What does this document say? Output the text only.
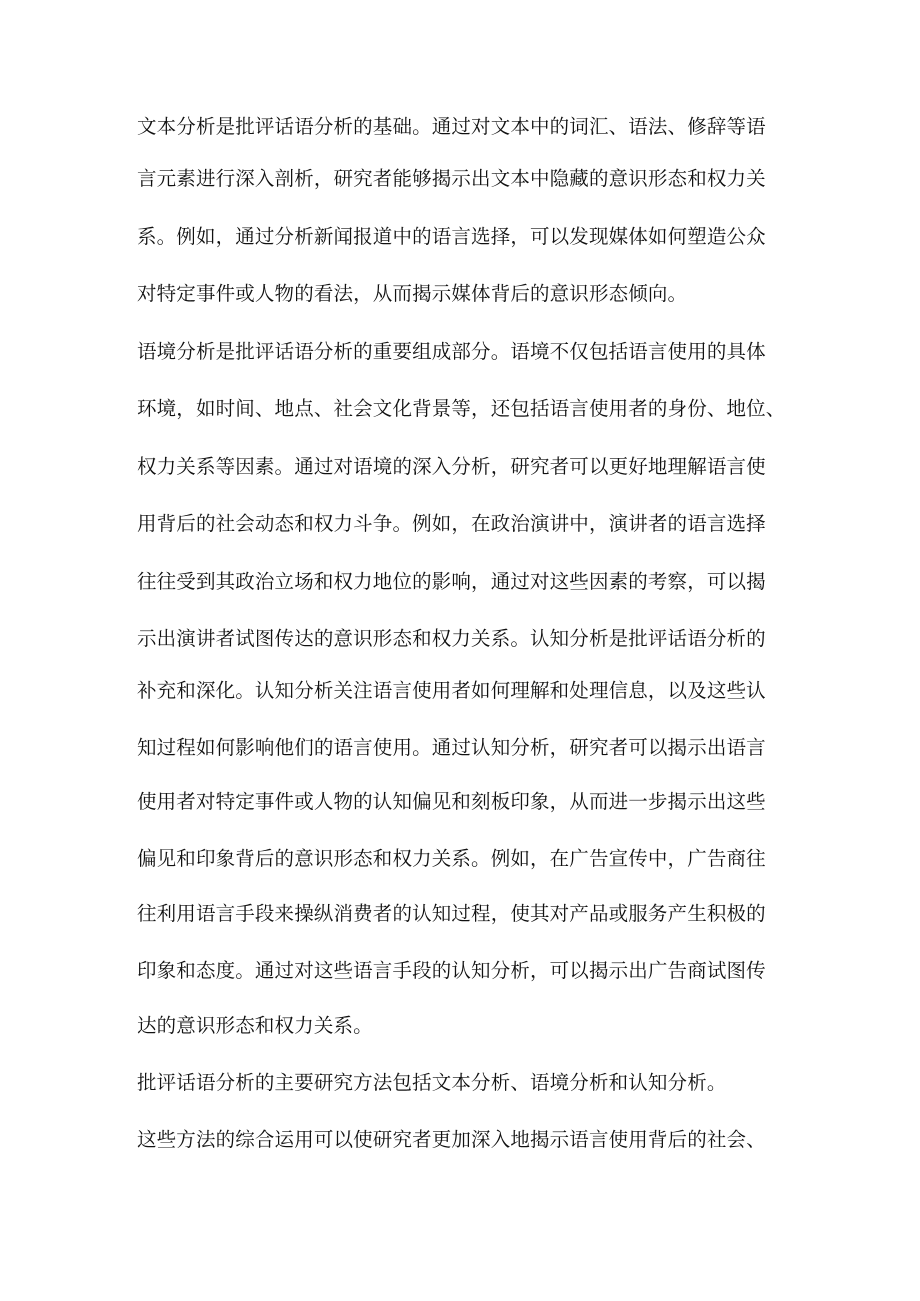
文本分析是批评话语分析的基础。通过对文本中的词汇、语法、修辞等语
言元素进行深入剖析，研究者能够揭示出文本中隐藏的意识形态和权力关
系。例如，通过分析新闻报道中的语言选择，可以发现媒体如何塑造公众
对特定事件或人物的看法，从而揭示媒体背后的意识形态倾向。
语境分析是批评话语分析的重要组成部分。语境不仅包括语言使用的具体
环境，如时间、地点、社会文化背景等，还包括语言使用者的身份、地位、
权力关系等因素。通过对语境的深入分析，研究者可以更好地理解语言使
用背后的社会动态和权力斗争。例如，在政治演讲中，演讲者的语言选择
往往受到其政治立场和权力地位的影响，通过对这些因素的考察，可以揭
示出演讲者试图传达的意识形态和权力关系。认知分析是批评话语分析的
补充和深化。认知分析关注语言使用者如何理解和处理信息，以及这些认
知过程如何影响他们的语言使用。通过认知分析，研究者可以揭示出语言
使用者对特定事件或人物的认知偏见和刻板印象，从而进一步揭示出这些
偏见和印象背后的意识形态和权力关系。例如，在广告宣传中，广告商往
往利用语言手段来操纵消费者的认知过程，使其对产品或服务产生积极的
印象和态度。通过对这些语言手段的认知分析，可以揭示出广告商试图传
达的意识形态和权力关系。
批评话语分析的主要研究方法包括文本分析、语境分析和认知分析。
这些方法的综合运用可以使研究者更加深入地揭示语言使用背后的社会、
